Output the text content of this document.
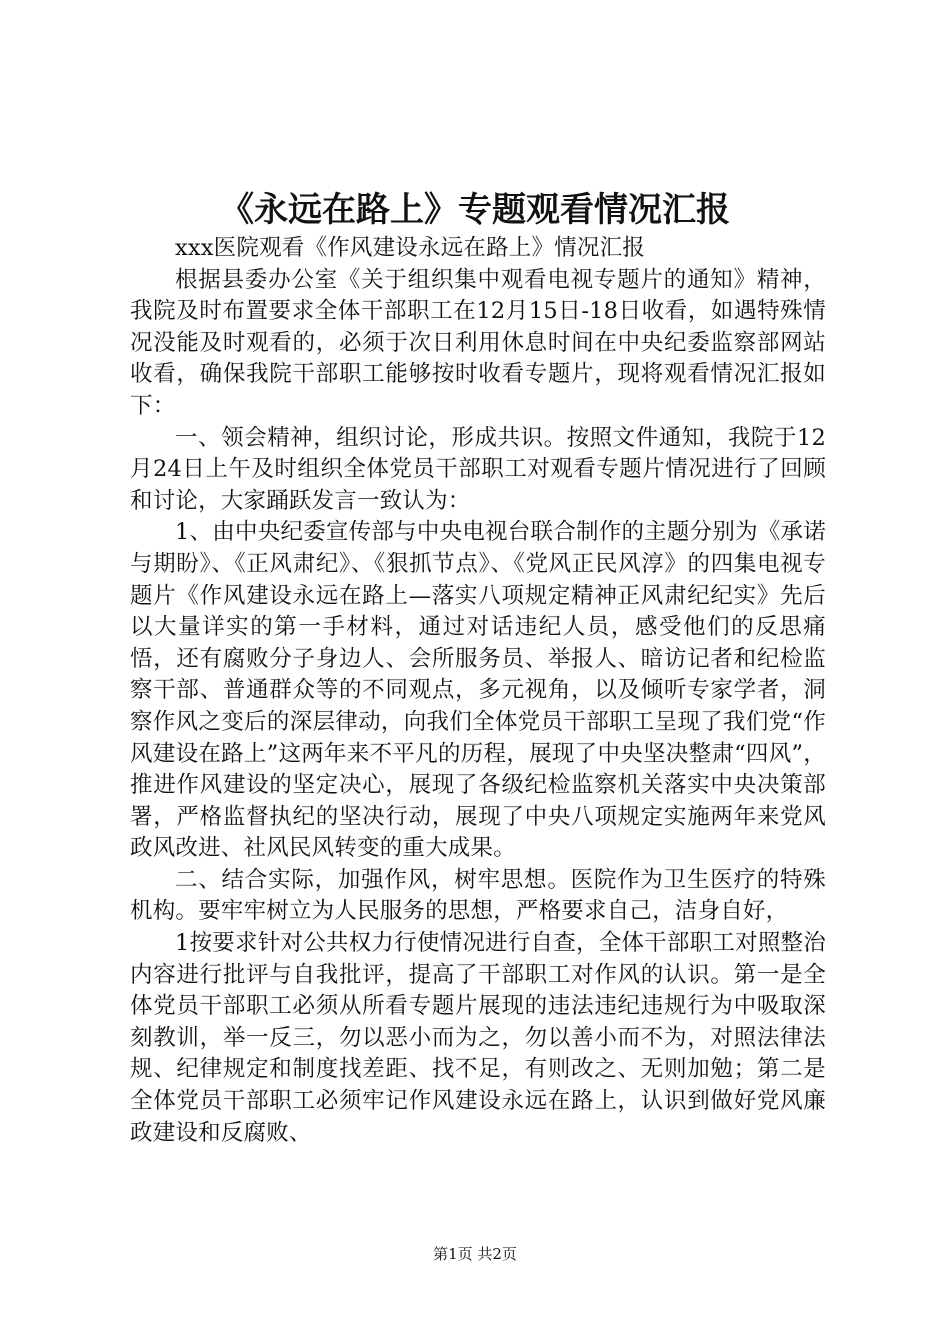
《永远在路上》专题观看情况汇报

xxx医院观看《作风建设永远在路上》情况汇报

根据县委办公室《关于组织集中观看电视专题片的通知》精神，我院及时布置要求全体干部职工在12月15日-18日收看，如遇特殊情况没能及时观看的，必须于次日利用休息时间在中央纪委监察部网站收看，确保我院干部职工能够按时收看专题片，现将观看情况汇报如下：

一、领会精神，组织讨论，形成共识。按照文件通知，我院于12月24日上午及时组织全体党员干部职工对观看专题片情况进行了回顾和讨论，大家踊跃发言一致认为：

1、由中央纪委宣传部与中央电视台联合制作的主题分别为《承诺与期盼》、《正风肃纪》、《狠抓节点》、《党风正民风淳》的四集电视专题片《作风建设永远在路上—落实八项规定精神正风肃纪纪实》先后以大量详实的第一手材料，通过对话违纪人员，感受他们的反思痛悟，还有腐败分子身边人、会所服务员、举报人、暗访记者和纪检监察干部、普通群众等的不同观点，多元视角，以及倾听专家学者，洞察作风之变后的深层律动，向我们全体党员干部职工呈现了我们党“作风建设在路上”这两年来不平凡的历程，展现了中央坚决整肃“四风”，推进作风建设的坚定决心，展现了各级纪检监察机关落实中央决策部署，严格监督执纪的坚决行动，展现了中央八项规定实施两年来党风政风改进、社风民风转变的重大成果。

二、结合实际，加强作风，树牢思想。医院作为卫生医疗的特殊机构。要牢牢树立为人民服务的思想，严格要求自己，洁身自好，

1按要求针对公共权力行使情况进行自查，全体干部职工对照整治内容进行批评与自我批评，提高了干部职工对作风的认识。第一是全体党员干部职工必须从所看专题片展现的违法违纪违规行为中吸取深刻教训，举一反三，勿以恶小而为之，勿以善小而不为，对照法律法规、纪律规定和制度找差距、找不足，有则改之、无则加勉；第二是全体党员干部职工必须牢记作风建设永远在路上，认识到做好党风廉政建设和反腐败、

第1页 共2页
